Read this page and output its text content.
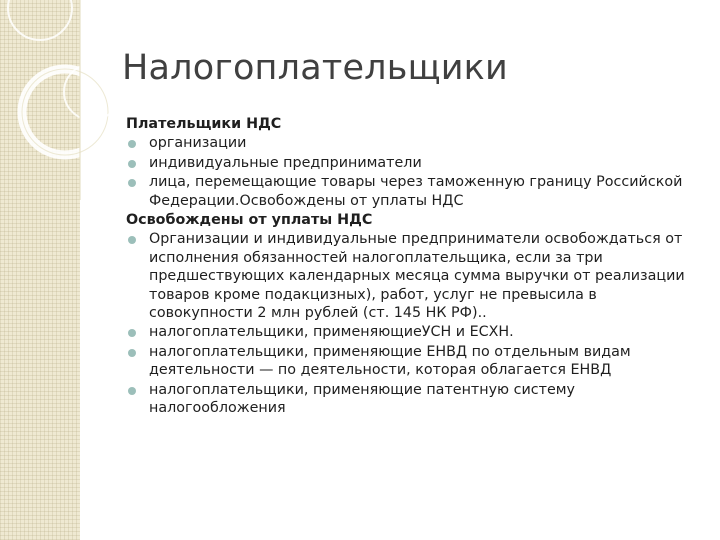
Налогоплательщики
Плательщики НДС
организации
индивидуальные предприниматели
лица, перемещающие товары через таможенную границу Российской Федерации.Освобождены от уплаты НДС
Освобождены от уплаты НДС
Организации и индивидуальные предприниматели освобождаться от исполнения обязанностей налогоплательщика, если за три предшествующих календарных месяца сумма выручки от реализации товаров кроме подакцизных), работ, услуг не превысила в совокупности 2 млн рублей (ст. 145 НК РФ)..
налогоплательщики, применяющиеУСН и ЕСХН.
налогоплательщики, применяющие ЕНВД по отдельным видам деятельности — по деятельности, которая облагается ЕНВД
налогоплательщики, применяющие патентную систему налогообложения
